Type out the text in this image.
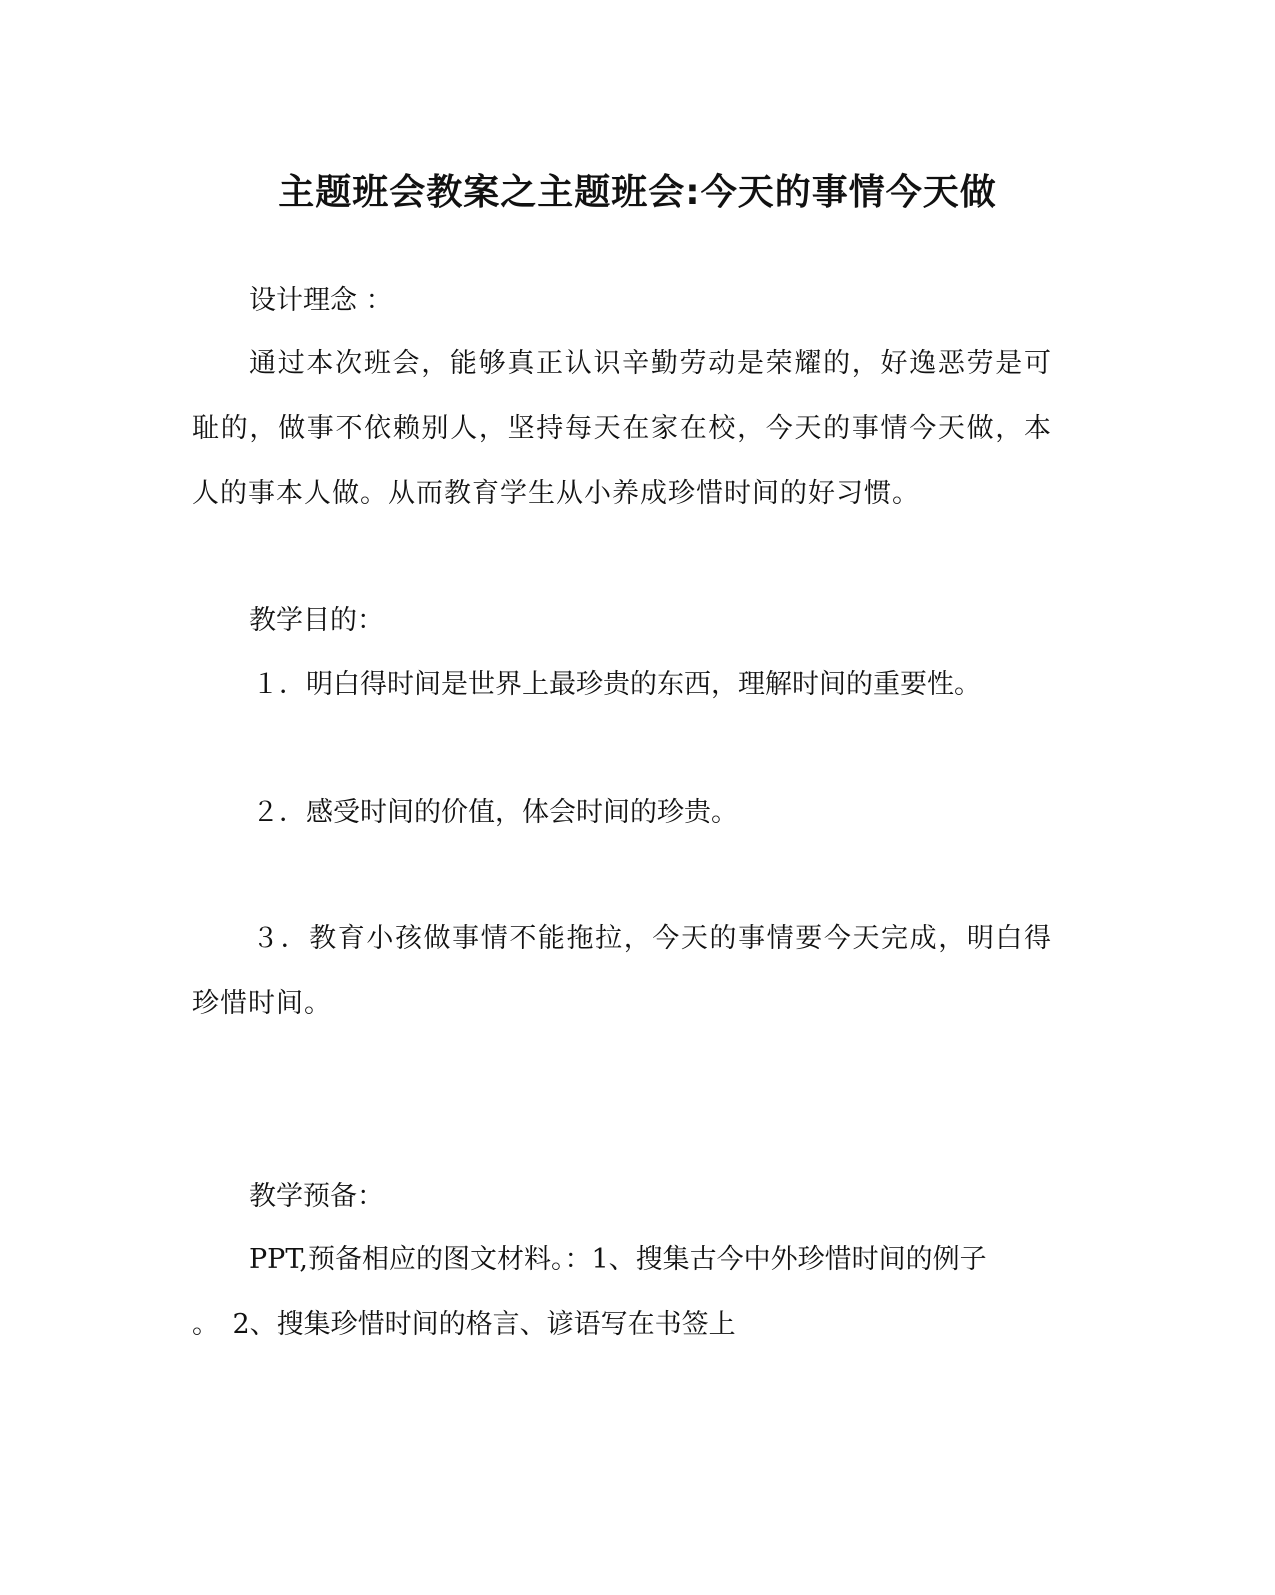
主题班会教案之主题班会:今天的事情今天做
设计理念 ：
通过本次班会，能够真正认识辛勤劳动是荣耀的，好逸恶劳是可耻的，做事不依赖别人，坚持每天在家在校，今天的事情今天做，本人的事本人做。从而教育学生从小养成珍惜时间的好习惯。
教学目的：
１．明白得时间是世界上最珍贵的东西，理解时间的重要性。
２．感受时间的价值，体会时间的珍贵。
３．教育小孩做事情不能拖拉，今天的事情要今天完成，明白得珍惜时间。
教学预备：
PPT,预备相应的图文材料。：1、搜集古今中外珍惜时间的例子
。　2、搜集珍惜时间的格言、谚语写在书签上
